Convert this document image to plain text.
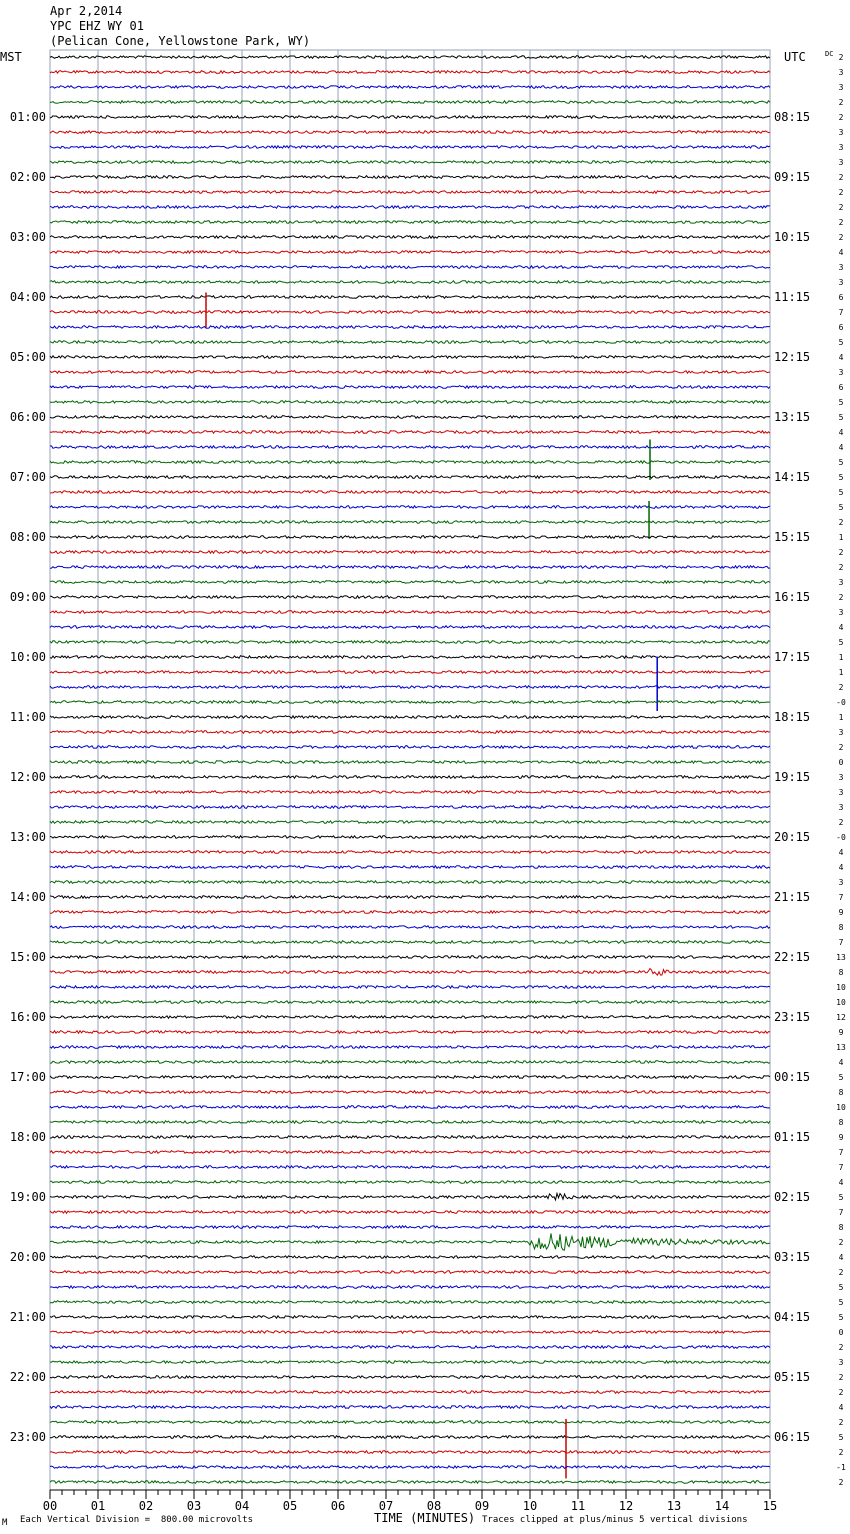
Apr 2,2014
YPC EHZ WY 01
(Pelican Cone, Yellowstone Park, WY)
2
3
3
2
2
3
3
3
2
2
2
2
2
4
3
3
6
7
6
5
4
3
6
5
5
4
4
5
5
5
5
2
1
2
2
3
2
3
4
5
1
1
2
-0
1
3
2
0
3
3
3
2
-0
4
4
3
7
9
8
7
13
8
10
10
12
9
13
4
5
8
10
8
9
7
7
4
5
7
8
2
4
2
5
5
5
0
2
3
2
2
4
2
5
2
-1
2
MST	UTC	DC
01:00
02:00
03:00
04:00
05:00
06:00
07:00
08:00
09:00
10:00
11:00
12:00
13:00
14:00
15:00
16:00
17:00
18:00
19:00
20:00
21:00
22:00
23:00
08:15
09:15
10:15
11:15
12:15
13:15
14:15
15:15
16:15
17:15
18:15
19:15
20:15
21:15
22:15
23:15
00:15
01:15
02:15
03:15
04:15
05:15
06:15
00	01	02	03	04	05	06	07	08	09	10	11	12	13	14	15
TIME (MINUTES)
M Each Vertical Division =  800.00 microvolts	Traces clipped at plus/minus 5 vertical divisions
